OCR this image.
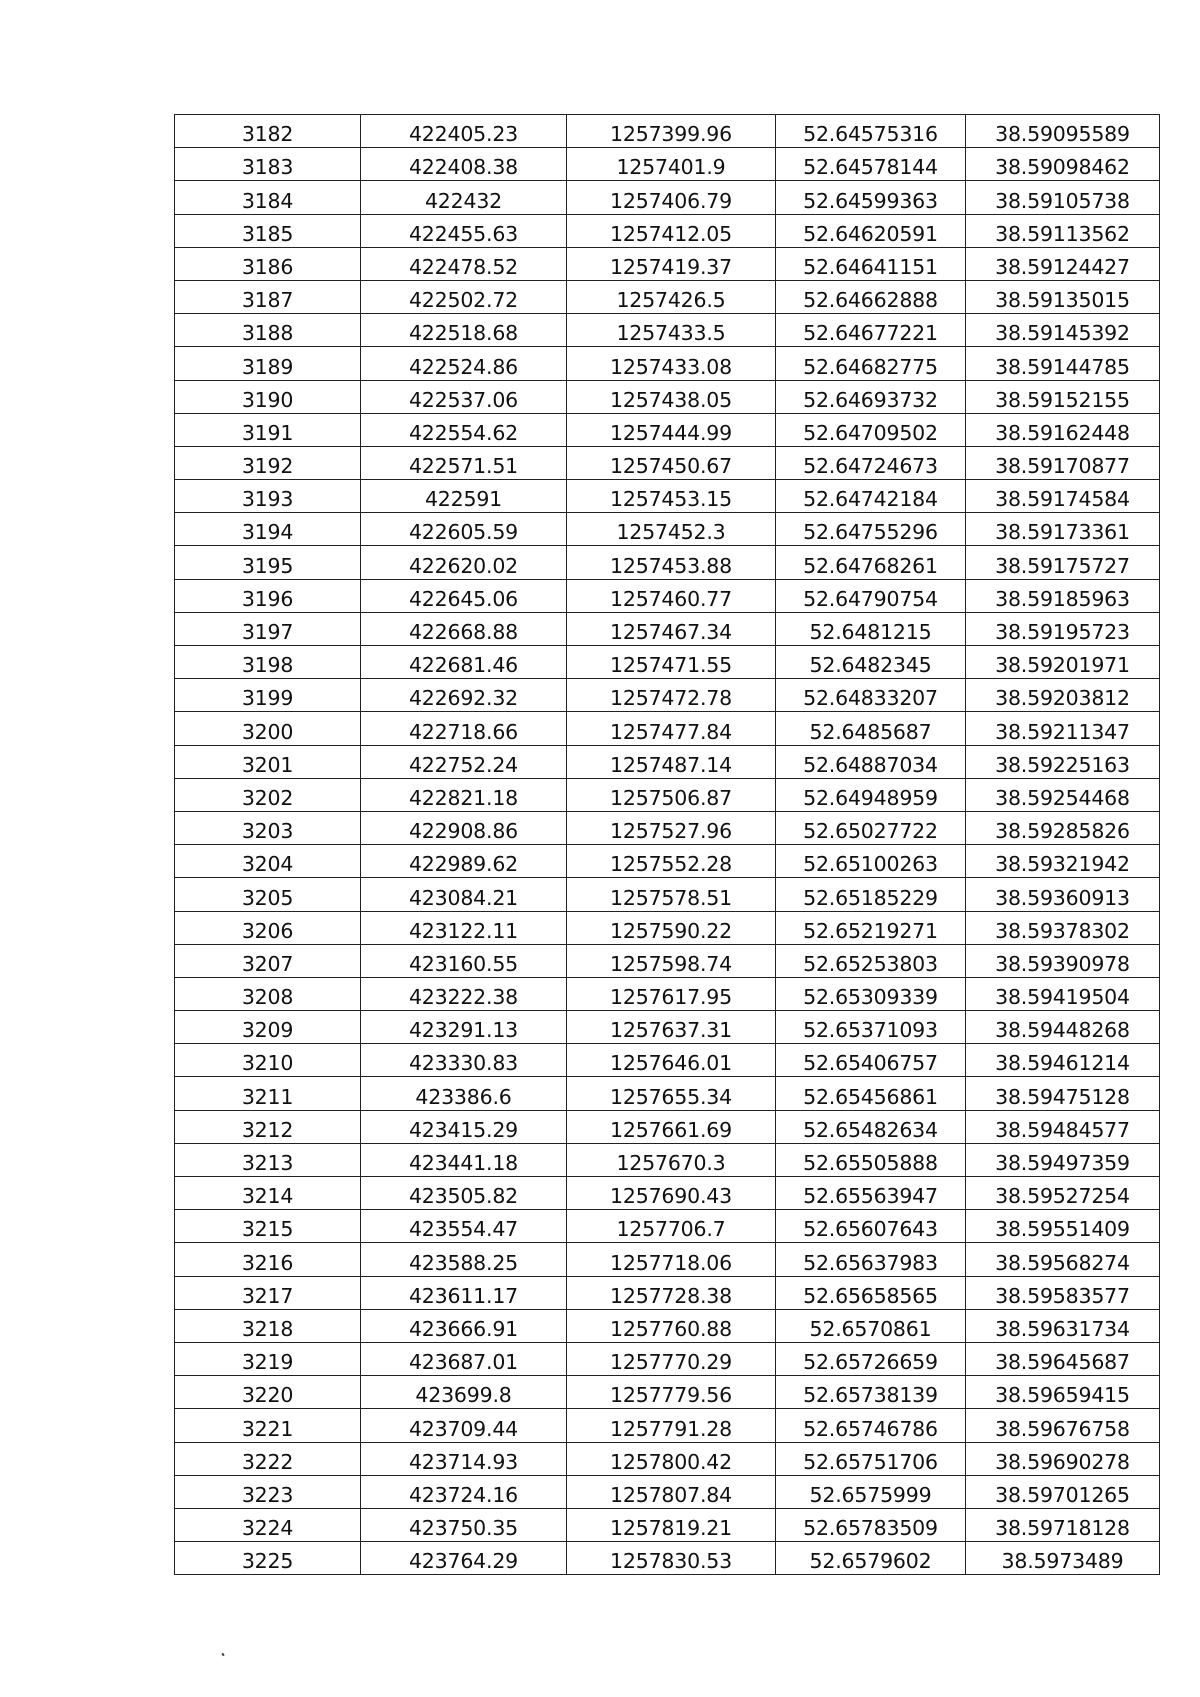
3182	422405.23	1257399.96	52.64575316	38.59095589
3183	422408.38	1257401.9	52.64578144	38.59098462
3184	422432	1257406.79	52.64599363	38.59105738
3185	422455.63	1257412.05	52.64620591	38.59113562
3186	422478.52	1257419.37	52.64641151	38.59124427
3187	422502.72	1257426.5	52.64662888	38.59135015
3188	422518.68	1257433.5	52.64677221	38.59145392
3189	422524.86	1257433.08	52.64682775	38.59144785
3190	422537.06	1257438.05	52.64693732	38.59152155
3191	422554.62	1257444.99	52.64709502	38.59162448
3192	422571.51	1257450.67	52.64724673	38.59170877
3193	422591	1257453.15	52.64742184	38.59174584
3194	422605.59	1257452.3	52.64755296	38.59173361
3195	422620.02	1257453.88	52.64768261	38.59175727
3196	422645.06	1257460.77	52.64790754	38.59185963
3197	422668.88	1257467.34	52.6481215	38.59195723
3198	422681.46	1257471.55	52.6482345	38.59201971
3199	422692.32	1257472.78	52.64833207	38.59203812
3200	422718.66	1257477.84	52.6485687	38.59211347
3201	422752.24	1257487.14	52.64887034	38.59225163
3202	422821.18	1257506.87	52.64948959	38.59254468
3203	422908.86	1257527.96	52.65027722	38.59285826
3204	422989.62	1257552.28	52.65100263	38.59321942
3205	423084.21	1257578.51	52.65185229	38.59360913
3206	423122.11	1257590.22	52.65219271	38.59378302
3207	423160.55	1257598.74	52.65253803	38.59390978
3208	423222.38	1257617.95	52.65309339	38.59419504
3209	423291.13	1257637.31	52.65371093	38.59448268
3210	423330.83	1257646.01	52.65406757	38.59461214
3211	423386.6	1257655.34	52.65456861	38.59475128
3212	423415.29	1257661.69	52.65482634	38.59484577
3213	423441.18	1257670.3	52.65505888	38.59497359
3214	423505.82	1257690.43	52.65563947	38.59527254
3215	423554.47	1257706.7	52.65607643	38.59551409
3216	423588.25	1257718.06	52.65637983	38.59568274
3217	423611.17	1257728.38	52.65658565	38.59583577
3218	423666.91	1257760.88	52.6570861	38.59631734
3219	423687.01	1257770.29	52.65726659	38.59645687
3220	423699.8	1257779.56	52.65738139	38.59659415
3221	423709.44	1257791.28	52.65746786	38.59676758
3222	423714.93	1257800.42	52.65751706	38.59690278
3223	423724.16	1257807.84	52.6575999	38.59701265
3224	423750.35	1257819.21	52.65783509	38.59718128
3225	423764.29	1257830.53	52.6579602	38.5973489
